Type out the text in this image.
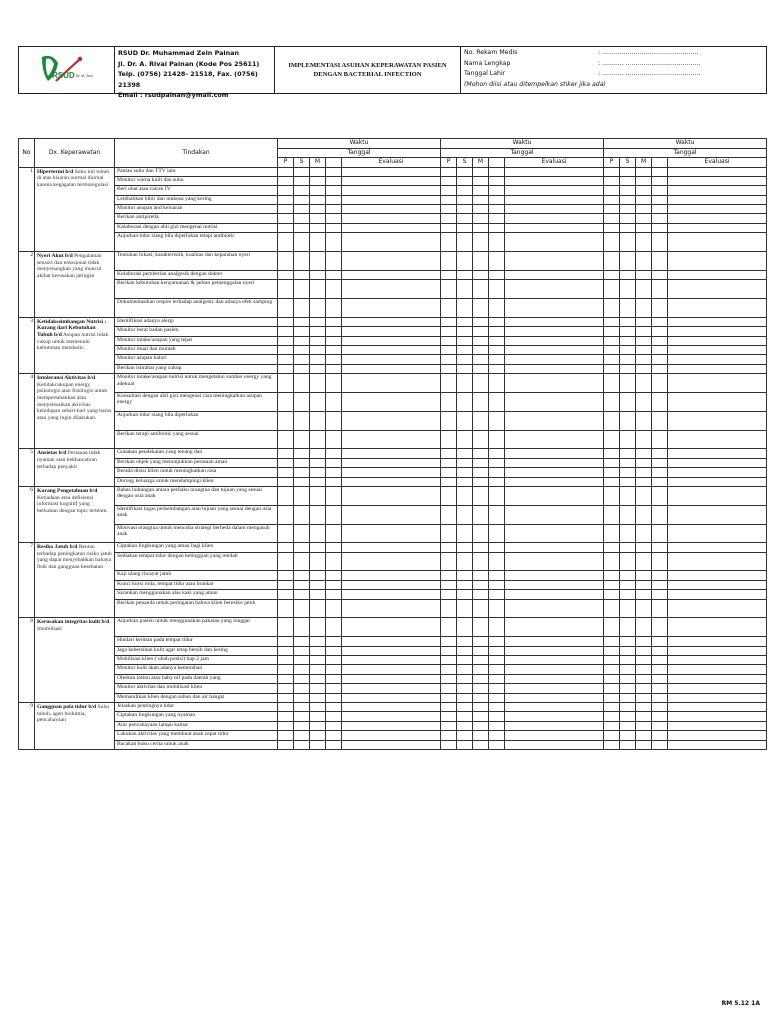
RSUD Dr. M. Zein
RSUD Dr. Muhammad Zein Painan
Jl. Dr. A. Rivai Painan (Kode Pos 25611)
Telp. (0756) 21428- 21518, Fax. (0756) 21398
Email : rsudpainan@ymail.com
IMPLEMENTASI ASUHAN KEPERAWATAN PASIEN
DENGAN BACTERIAL INFECTION
No. Rekam Medis	: .................................................
Nama Lengkap	: ........... ......................................
Tanggal Lahir	: ........... ......................................
(Mohon diisi atau ditempelkan stiker jika ada)
No	Dx. Keperawatan	Tindakan	Waktu					Waktu					Waktu				
			Tanggal					Tanggal					Tanggal				
			P	S	M		Evaluasi	P	S	M		Evaluasi	P	S	M		Evaluasi
1	Hipertermi b/d Suhu inti tubuh di atas kisaran normal diurnal karena kegagalan termoregulasi	Pantau suhu dan TTV lain															
		Monitor warna kulit dan suhu															
		Beri obat atau cairan IV															
		Lembabkan bibir dan mukosa yang kering															
		Monitor asupan and keluaran															
		Berikan antipiretik															
		Kolaborasi dengan ahli gizi mengenai nutrisi															
		Anjurkan tidur siang bila diperlukan tetapi antibiotic															
2	Nyeri Akut b/d Pengalaman sensori dan emosional tidak menyenangkan yang muncul akibat kerusakan jaringan	Tentukan lokasi, karakteristik, kualitas dan keparahan nyeri															
		Kolaborasi pemberian analgesik dengan dokter															
		Berikan kebutuhan kenyamanan & jarkan pemenggalan nyeri															
		Dokumentasikan respon terhadap analgesic dan adanya efek samping															
3	Ketidakseimbangan Nutrisi : Kurang dari Kebutuhan Tubuh b/d Asupan nutrisi tidak cukup untuk memenuhi kebutuhan metabolic.	Identifikasi adanya alergi															
		Monitor berat badan pasien															
		Monitor intake/asupan yang tepat															
		Monitor mual dan muntah															
		Monitor asupan kalori															
		Berikan istirahat yang cukup															
4	Intoleransi Aktivitas b/d Ketidakcukupan energy psikologis atau fisiologis untuk mempertahankan atau menyelesaikan aktivitas kehidupan sehari-hari yang harus atau yang ingin dilakukan.	Monitor intake/asupan nutrisi untuk mengetahui sumber energy yang adekuat															
		Konsultasi dengan ahli gizi mengenai cara meningkatkan asupan energy															
		Anjurkan tidur siang bila diperlukan															
		Berikan terapi antibiotic yang sesuai															
5	Ansietas b/d Perasaan tidak nyaman atau kekhawatiran terhadap penyakit	Gunakan pendekatan yang tenang dan															
		Berikan objek yang menunjukkan perasaan aman															
		Berada disisi klien untuk meningkatkan rasa															
		Dorong keluarga untuk mendampingi klien															
6	Kurang Pengetahuan b/d Ketiadaan atau defisiensi informasi kognitif yang berkaitan dengan topic tertentu.	Bahas hubungan antara perilaku orangtua dan tujuan yang sesuai dengan usia anak															
		Identifikasi tugas perkembangan atau tujuan yang sesuai dengan usia anak															
		Motivasi orangtua untuk mencoba strategi berbeda dalam mengasuh anak															
7	Resiko Jatuh b/d Rentan terhadap peningkatan risiko jatuh yang dapat menyebabkan bahaya fisik dan gangguan kesehatan	Ciptakan lingkungan yang aman bagi klien															
		Sediakan tempat tidur dengan ketinggian yang rendah															
		Kaji ulang riwayat jatuh															
		Kunci kursi roda, tempat tidur atau brankar															
		Sarankan menggunakan alas kaki yang aman															
		Berikan penanda untuk peringatan bahwa klien beresiko jatuh															
8	Kerusakan integritas kulit b/d Imobilisasi	Anjurkan pasien untuk menggunakan pakaian yang longgar															
		Hindari kerutan pada tempat tidur															
		Jaga kebersihan kulit agar tetap bersih dan kering															
		Mobilisasi klien ( ubah posisi) tiap 2 jam															
		Monitor kulit akan adanya kemerahan															
		Oleskan lotion atau baby oil pada daerah yang															
		Monitor aktivitas dan mobilisasi klien															
		Memandikan klien dengan sabun dan air hangat															
9	Gangguan pola tidur b/d Suhu tubuh, agen biokimia, pencahayaan	Jelaskan pentingnya tidur															
		Ciptakan lingkungan yang nyaman															
		Atur pencahayaan lampu kamar															
		Lakukan aktivitas yang membuat anak cepat tidur															
		Bacakan buku cerita untuk anak															
RM 5.12 1A
